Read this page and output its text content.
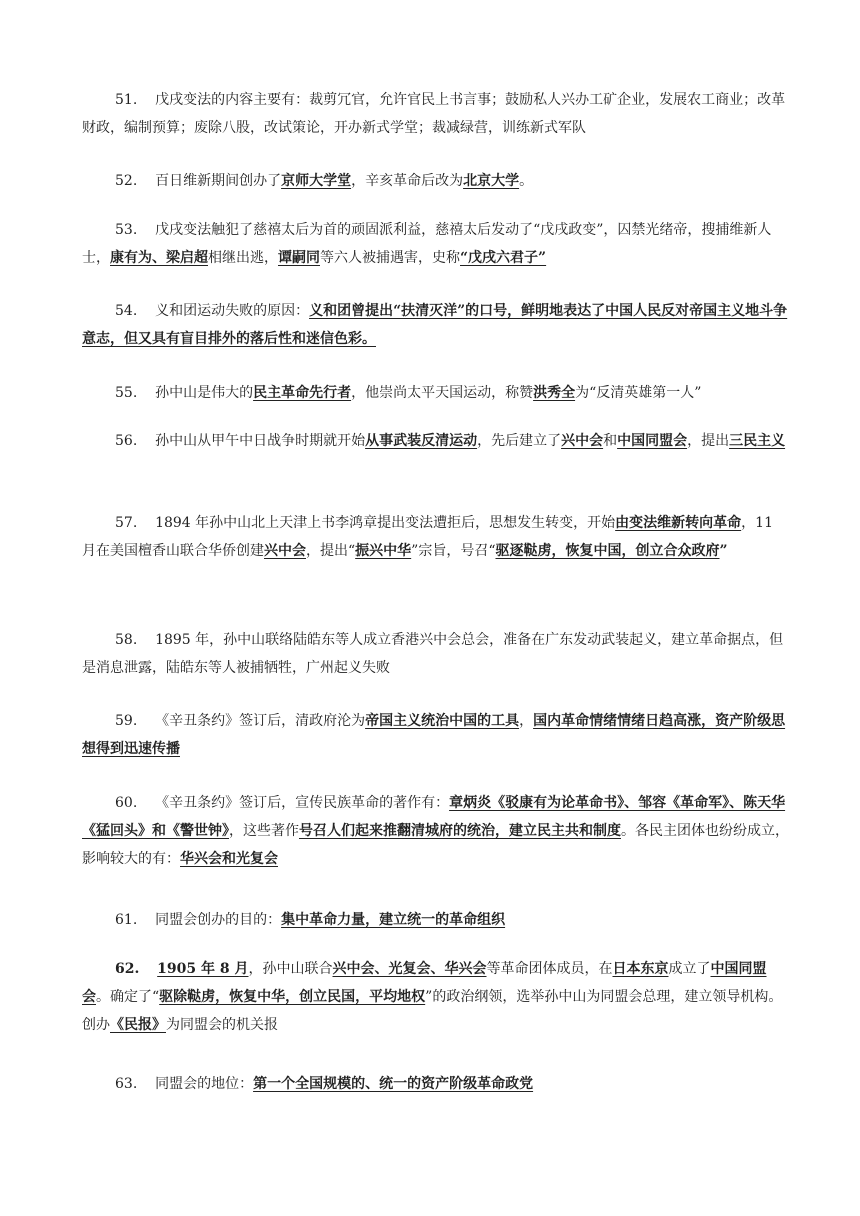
51. 戊戌变法的内容主要有：裁剪冗官，允许官民上书言事；鼓励私人兴办工矿企业，发展农工商业；改革财政，编制预算；废除八股，改试策论，开办新式学堂；裁减绿营，训练新式军队

52. 百日维新期间创办了京师大学堂，辛亥革命后改为北京大学。

53. 戊戌变法触犯了慈禧太后为首的顽固派利益，慈禧太后发动了“戊戌政变”，囚禁光绪帝，搜捕维新人士，康有为、梁启超相继出逃，谭嗣同等六人被捕遇害，史称“戊戌六君子”

54. 义和团运动失败的原因：义和团曾提出“扶清灭洋”的口号，鲜明地表达了中国人民反对帝国主义地斗争意志，但又具有盲目排外的落后性和迷信色彩。

55. 孙中山是伟大的民主革命先行者，他崇尚太平天国运动，称赞洪秀全为“反清英雄第一人”

56. 孙中山从甲午中日战争时期就开始从事武装反清运动，先后建立了兴中会和中国同盟会，提出三民主义

57. 1894 年孙中山北上天津上书李鸿章提出变法遭拒后，思想发生转变，开始由变法维新转向革命，11 月在美国檀香山联合华侨创建兴中会，提出“振兴中华”宗旨，号召“驱逐鞑虏，恢复中国，创立合众政府”

58. 1895 年，孙中山联络陆皓东等人成立香港兴中会总会，准备在广东发动武装起义，建立革命据点，但是消息泄露，陆皓东等人被捕牺牲，广州起义失败

59. 《辛丑条约》签订后，清政府沦为帝国主义统治中国的工具，国内革命情绪情绪日趋高涨，资产阶级思想得到迅速传播

60. 《辛丑条约》签订后，宣传民族革命的著作有：章炳炎《驳康有为论革命书》、邹容《革命军》、陈天华《猛回头》和《警世钟》，这些著作号召人们起来推翻清城府的统治，建立民主共和制度。各民主团体也纷纷成立，影响较大的有：华兴会和光复会

61. 同盟会创办的目的：集中革命力量，建立统一的革命组织

62. 1905 年 8 月，孙中山联合兴中会、光复会、华兴会等革命团体成员，在日本东京成立了中国同盟会。确定了“驱除鞑虏，恢复中华，创立民国，平均地权”的政治纲领，选举孙中山为同盟会总理，建立领导机构。创办《民报》为同盟会的机关报

63. 同盟会的地位：第一个全国规模的、统一的资产阶级革命政党
